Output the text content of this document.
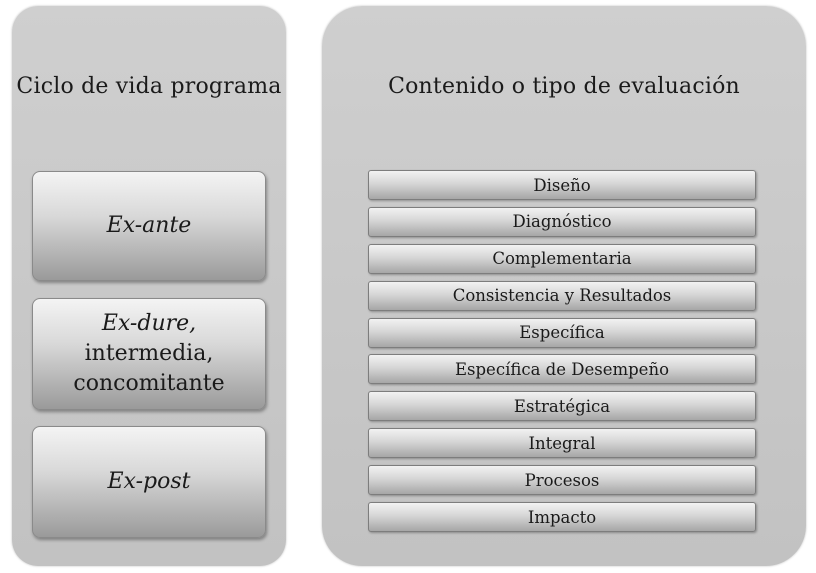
Ciclo de vida programa
Ex-ante
Ex-dure, intermedia, concomitante
Ex-post
Contenido o tipo de evaluación
Diseño
Diagnóstico
Complementaria
Consistencia y Resultados
Específica
Específica de Desempeño
Estratégica
Integral
Procesos
Impacto
